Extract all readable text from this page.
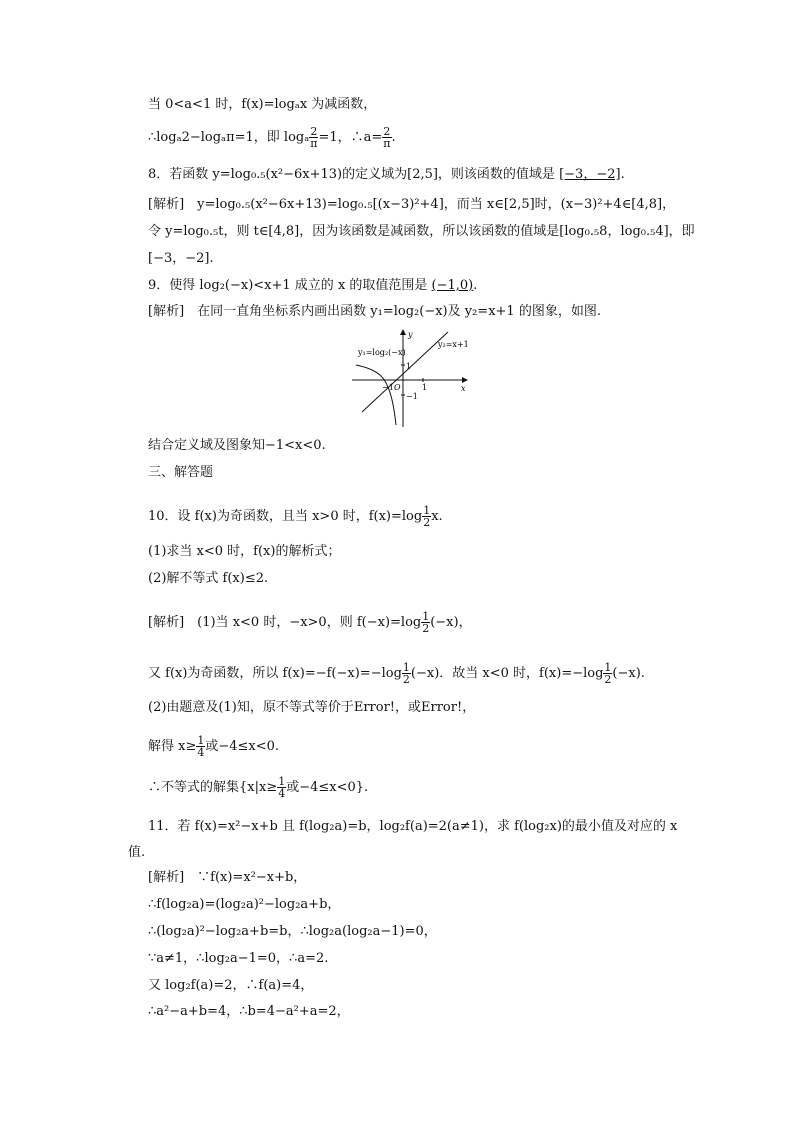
当 0<a<1 时，f(x)=logₐx 为减函数，
∴logₐ2−logₐπ=1，即 logₐ $\frac{2}{\pi} =1$，∴a= $\frac{2}{\pi}$ .
8．若函数 y=log₀.₅(x²−6x+13)的定义域为[2,5]，则该函数的值域是 [−3，−2].
[解析]　y=log₀.₅(x²−6x+13)=log₀.₅[(x−3)²+4]，而当 x∈[2,5]时，(x−3)²+4∈[4,8]，
令 y=log₀.₅t，则 t∈[4,8]，因为该函数是减函数，所以该函数的值域是[log₀.₅8，log₀.₅4]，即
[−3，−2].
9．使得 log₂(−x)<x+1 成立的 x 的取值范围是 (−1,0).
[解析]　在同一直角坐标系内画出函数 y₁=log₂(−x)及 y₂=x+1 的图象，如图.
y₁=log₂(−x)
y₂=x+1
y
x
1
−1 O	1
−1
结合定义域及图象知−1<x<0.
三、解答题
10．设 f(x)为奇函数，且当 x>0 时，$f(x)=\log \frac{1}{2} x$.
(1)求当 x<0 时，f(x)的解析式；
(2)解不等式 f(x)≤2.
[解析]　(1)当 x<0 时，−x>0，则 $f(-x)=\log \frac{1}{2} (-x)$，
又 f(x)为奇函数，所以 $f(x)=-f(-x)=-\log \frac{1}{2} (-x)$．故当 x<0 时，$f(x)=-\log \frac{1}{2} (-x)$.
(2)由题意及(1)知，原不等式等价于Error!，或Error!，
解得 $x\ge \frac{1}{4}$ 或−4≤x<0.
∴不等式的解集{$x|x\ge \frac{1}{4}$ 或−4≤x<0}.
11．若 f(x)=x²−x+b 且 f(log₂a)=b，log₂f(a)=2(a≠1)，求 f(log₂x)的最小值及对应的 x
值.
[解析]　∵f(x)=x²−x+b，
∴f(log₂a)=(log₂a)²−log₂a+b，
∴(log₂a)²−log₂a+b=b，∴log₂a(log₂a−1)=0，
∵a≠1，∴log₂a−1=0，∴a=2.
又 log₂f(a)=2，∴f(a)=4，
∴a²−a+b=4，∴b=4−a²+a=2，
